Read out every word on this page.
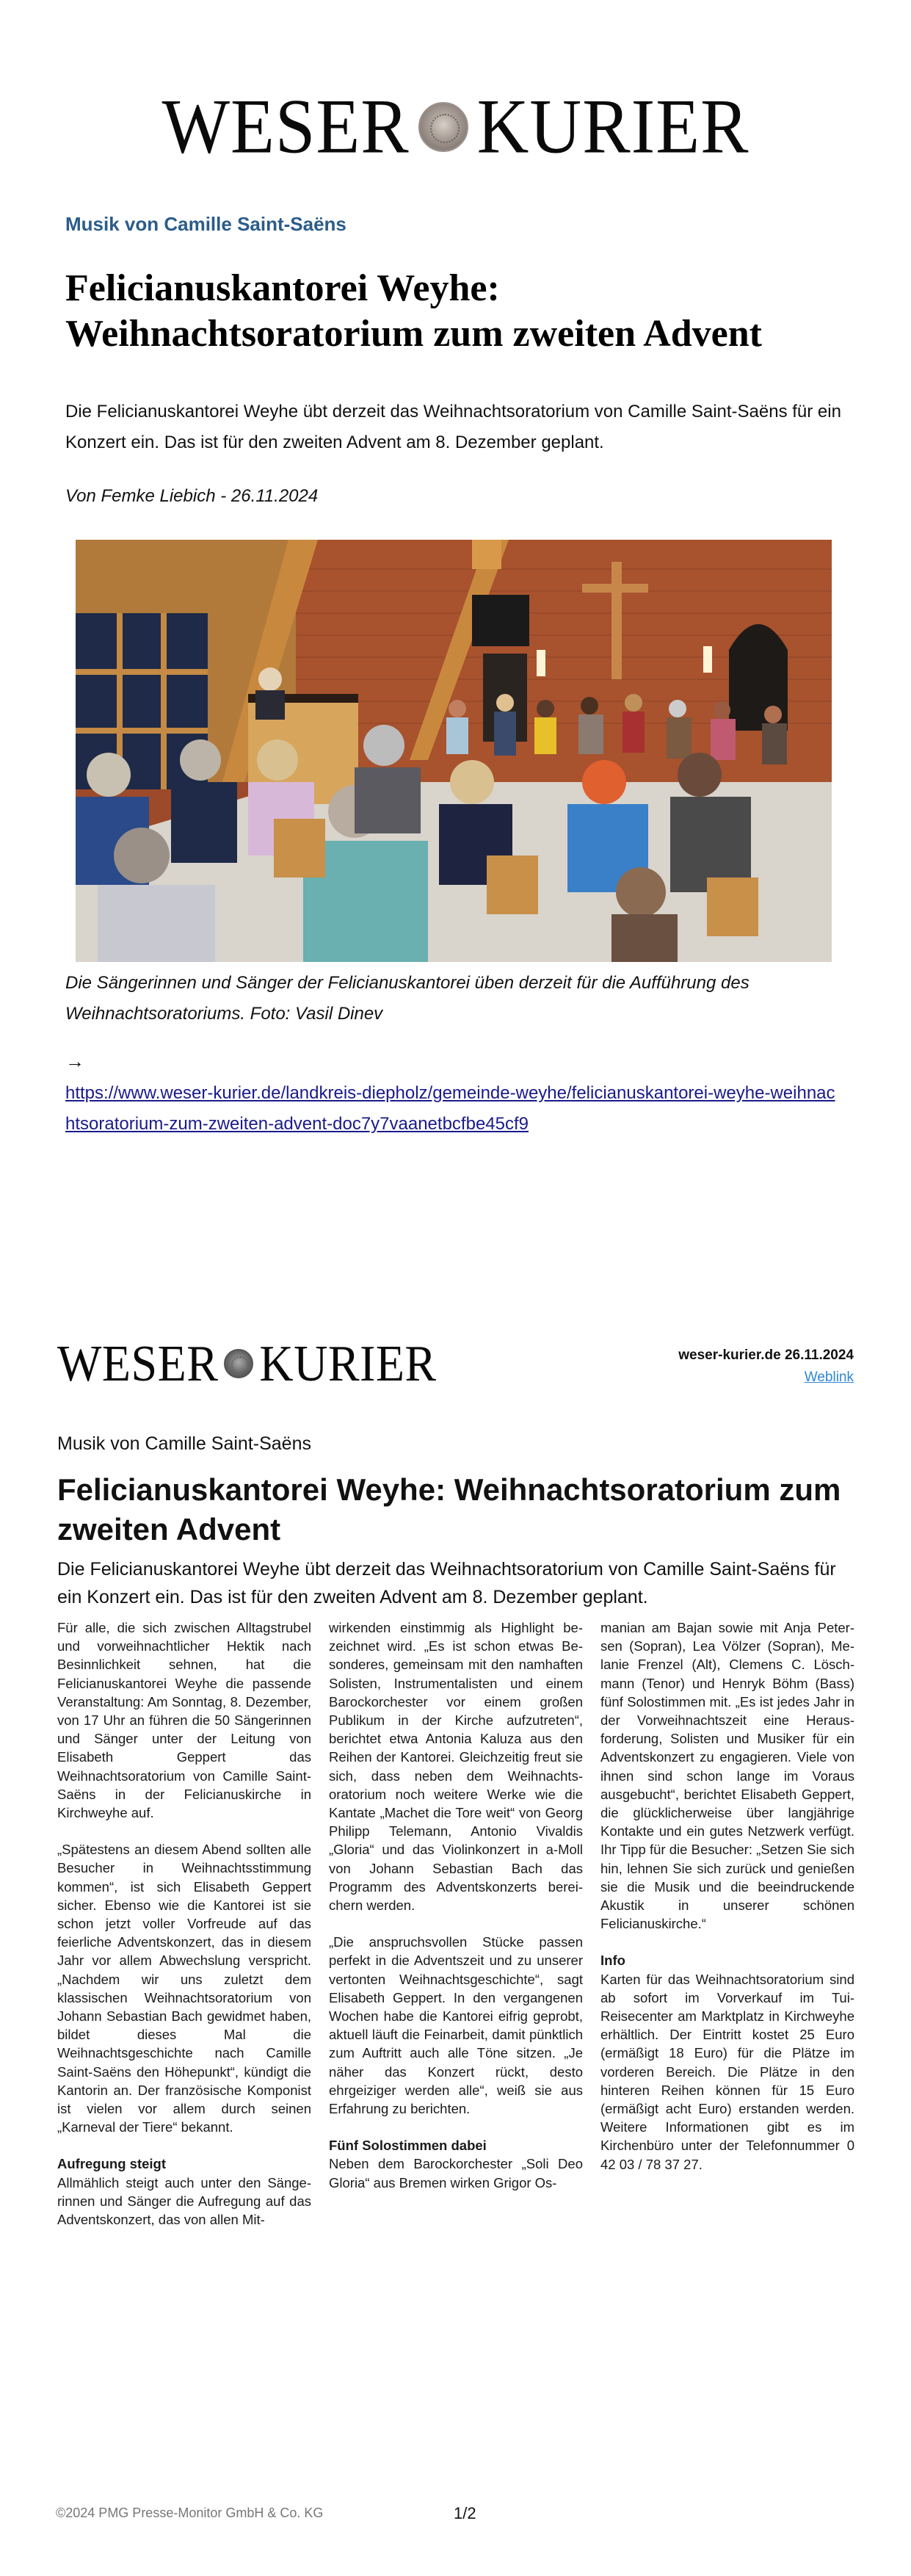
WESER KURIER
Musik von Camille Saint-Saëns
Felicianuskantorei Weyhe:
Weihnachtsoratorium zum zweiten Advent

Die Felicianuskantorei Weyhe übt derzeit das Weihnachtsoratorium von Camille Saint-Saëns für ein Konzert ein. Das ist für den zweiten Advent am 8. Dezember geplant.

Von Femke Liebich - 26.11.2024

Die Sängerinnen und Sänger der Felicianuskantorei üben derzeit für die Aufführung des Weihnachtsoratoriums. Foto: Vasil Dinev

→
https://www.weser-kurier.de/landkreis-diepholz/gemeinde-weyhe/felicianuskantorei-weyhe-weihnachtsoratorium-zum-zweiten-advent-doc7y7vaanetbcfbe45cf9
WESER KURIER	weser-kurier.de 26.11.2024
Weblink
Musik von Camille Saint-Saëns
Felicianuskantorei Weyhe: Weihnachtsoratorium zum zweiten Advent

Die Felicianuskantorei Weyhe übt derzeit das Weihnachtsoratorium von Camille Saint-Saëns für ein Konzert ein. Das ist für den zweiten Advent am 8. Dezember geplant.

Für alle, die sich zwischen Alltagstrubel und vorweihnachtlicher Hektik nach Besinnlichkeit sehnen, hat die Felicianuskantorei Weyhe die passende Veranstaltung: Am Sonntag, 8. Dezember, von 17 Uhr an führen die 50 Sängerinnen und Sänger unter der Leitung von Elisabeth Geppert das Weihnachtsoratorium von Camille Saint-Saëns in der Felicianuskirche in Kirchweyhe auf.

„Spätestens an diesem Abend sollten alle Besucher in Weihnachtsstimmung kommen“, ist sich Elisabeth Geppert sicher. Ebenso wie die Kantorei ist sie schon jetzt voller Vorfreude auf das feierliche Adventskonzert, das in diesem Jahr vor allem Abwechslung verspricht. „Nachdem wir uns zuletzt dem klassischen Weihnachtsoratorium von Johann Sebastian Bach gewidmet haben, bildet dieses Mal die Weihnachtsgeschichte nach Camille Saint-Saëns den Höhepunkt“, kündigt die Kantorin an. Der französische Komponist ist vielen vor allem durch seinen „Karneval der Tiere“ bekannt.

Aufregung steigt

Allmählich steigt auch unter den Sängerinnen und Sänger die Aufregung auf das Adventskonzert, das von allen Mit-

wirkenden einstimmig als Highlight bezeichnet wird. „Es ist schon etwas Besonderes, gemeinsam mit den namhaften Solisten, Instrumentalisten und einem Barockorchester vor einem großen Publikum in der Kirche aufzutreten“, berichtet etwa Antonia Kaluza aus den Reihen der Kantorei. Gleichzeitig freut sie sich, dass neben dem Weihnachtsoratorium noch weitere Werke wie die Kantate „Machet die Tore weit“ von Georg Philipp Telemann, Antonio Vivaldis „Gloria“ und das Violinkonzert in a-Moll von Johann Sebastian Bach das Programm des Adventskonzerts bereichern werden.

„Die anspruchsvollen Stücke passen perfekt in die Adventszeit und zu unserer vertonten Weihnachtsgeschichte“, sagt Elisabeth Geppert. In den vergangenen Wochen habe die Kantorei eifrig geprobt, aktuell läuft die Feinarbeit, damit pünktlich zum Auftritt auch alle Töne sitzen. „Je näher das Konzert rückt, desto ehrgeiziger werden alle“, weiß sie aus Erfahrung zu berichten.

Fünf Solostimmen dabei

Neben dem Barockorchester „Soli Deo Gloria“ aus Bremen wirken Grigor Os-

manian am Bajan sowie mit Anja Petersen (Sopran), Lea Völzer (Sopran), Melanie Frenzel (Alt), Clemens C. Löschmann (Tenor) und Henryk Böhm (Bass) fünf Solostimmen mit. „Es ist jedes Jahr in der Vorweihnachtszeit eine Herausforderung, Solisten und Musiker für ein Adventskonzert zu engagieren. Viele von ihnen sind schon lange im Voraus ausgebucht“, berichtet Elisabeth Geppert, die glücklicherweise über langjährige Kontakte und ein gutes Netzwerk verfügt. Ihr Tipp für die Besucher: „Setzen Sie sich hin, lehnen Sie sich zurück und genießen sie die Musik und die beeindruckende Akustik in unserer schönen Felicianuskirche.“

Info

Karten für das Weihnachtsoratorium sind ab sofort im Vorverkauf im Tui-Reisecenter am Marktplatz in Kirchweyhe erhältlich. Der Eintritt kostet 25 Euro (ermäßigt 18 Euro) für die Plätze im vorderen Bereich. Die Plätze in den hinteren Reihen können für 15 Euro (ermäßigt acht Euro) erstanden werden. Weitere Informationen gibt es im Kirchenbüro unter der Telefonnummer 0 42 03 / 78 37 27.

©2024 PMG Presse-Monitor GmbH & Co. KG	1/2
